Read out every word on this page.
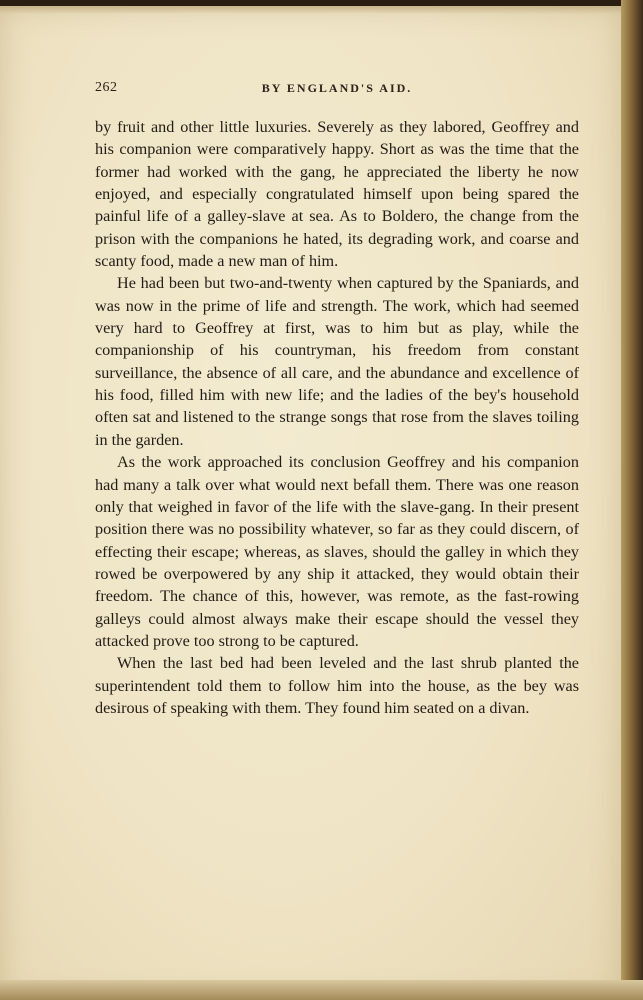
262	BY ENGLAND'S AID.

by fruit and other little luxuries. Severely as they labored, Geoffrey and his companion were comparatively happy. Short as was the time that the former had worked with the gang, he appreciated the liberty he now enjoyed, and especially congratulated himself upon being spared the painful life of a galley-slave at sea. As to Boldero, the change from the prison with the companions he hated, its degrading work, and coarse and scanty food, made a new man of him.

He had been but two-and-twenty when captured by the Spaniards, and was now in the prime of life and strength. The work, which had seemed very hard to Geoffrey at first, was to him but as play, while the companionship of his countryman, his freedom from constant surveillance, the absence of all care, and the abundance and excellence of his food, filled him with new life; and the ladies of the bey's household often sat and listened to the strange songs that rose from the slaves toiling in the garden.

As the work approached its conclusion Geoffrey and his companion had many a talk over what would next befall them. There was one reason only that weighed in favor of the life with the slave-gang. In their present position there was no possibility whatever, so far as they could discern, of effecting their escape; whereas, as slaves, should the galley in which they rowed be overpowered by any ship it attacked, they would obtain their freedom. The chance of this, however, was remote, as the fast-rowing galleys could almost always make their escape should the vessel they attacked prove too strong to be captured.

When the last bed had been leveled and the last shrub planted the superintendent told them to follow him into the house, as the bey was desirous of speaking with them. They found him seated on a divan.
